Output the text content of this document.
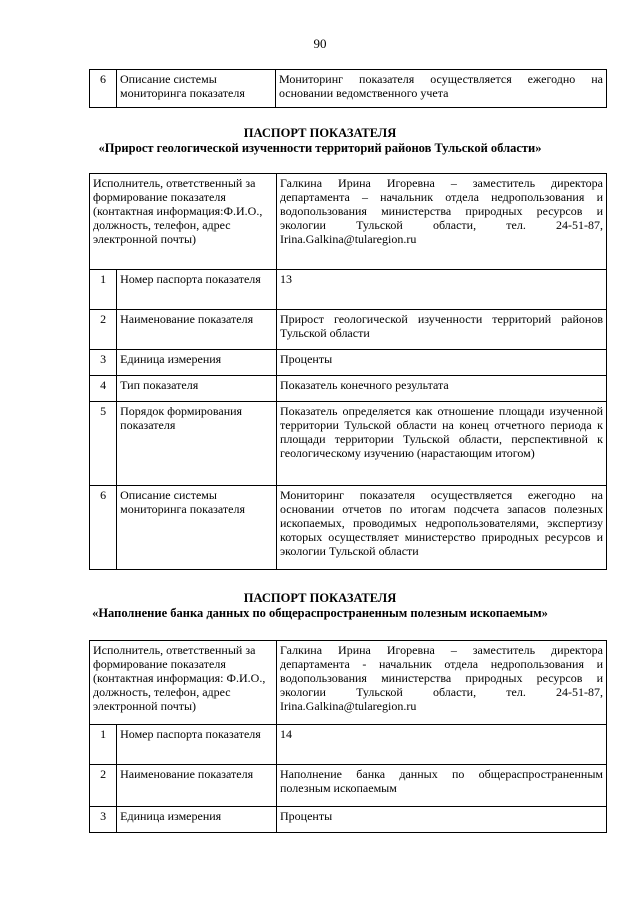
90
6	Описание системы мониторинга показателя	Мониторинг показателя осуществляется ежегодно на основании ведомственного учета
ПАСПОРТ ПОКАЗАТЕЛЯ
«Прирост геологической изученности территорий районов Тульской области»
Исполнитель, ответственный за формирование показателя (контактная информация:Ф.И.О., должность, телефон, адрес электронной почты)		Галкина Ирина Игоревна – заместитель директора департамента – начальник отдела недропользования и водопользования министерства природных ресурсов и экологии Тульской области, тел. 24-51-87, Irina.Galkina@tularegion.ru
1	Номер паспорта показателя	13
2	Наименование показателя	Прирост геологической изученности территорий районов Тульской области
3	Единица измерения	Проценты
4	Тип показателя	Показатель конечного результата
5	Порядок формирования показателя	Показатель определяется как отношение площади изученной территории Тульской области на конец отчетного периода к площади территории Тульской области, перспективной к геологическому изучению (нарастающим итогом)
6	Описание системы мониторинга показателя	Мониторинг показателя осуществляется ежегодно на основании отчетов по итогам подсчета запасов полезных ископаемых, проводимых недропользователями, экспертизу которых осуществляет министерство природных ресурсов и экологии Тульской области
ПАСПОРТ ПОКАЗАТЕЛЯ
«Наполнение банка данных по общераспространенным полезным ископаемым»
Исполнитель, ответственный за формирование показателя (контактная информация: Ф.И.О., должность, телефон, адрес электронной почты)		Галкина Ирина Игоревна – заместитель директора департамента - начальник отдела недропользования и водопользования министерства природных ресурсов и экологии Тульской области, тел. 24-51-87, Irina.Galkina@tularegion.ru
1	Номер паспорта показателя	14
2	Наименование показателя	Наполнение банка данных по общераспространенным полезным ископаемым
3	Единица измерения	Проценты
